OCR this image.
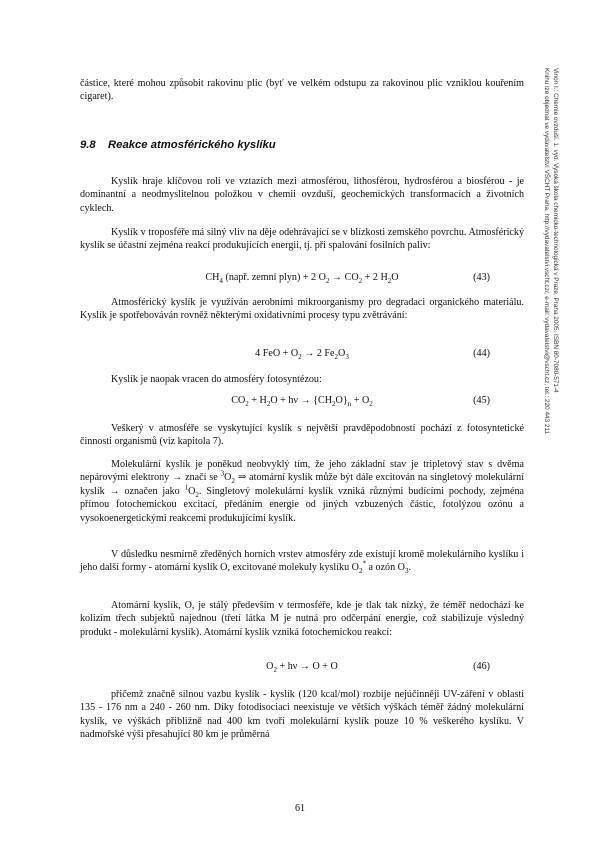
částice, které mohou způsobit rakovinu plic (byť ve velkém odstupu za rakovinou plic vzniklou kouřením cigaret).

9.8 Reakce atmosférického kyslíku

Kyslík hraje klíčovou roli ve vztazích mezi atmosférou, lithosférou, hydrosférou a biosférou - je dominantní a neodmyslitelnou položkou v chemii ovzduší, geochemických transformacích a životních cyklech.

Kyslík v troposféře má silný vliv na děje odehrávající se v blízkosti zemského povrchu. Atmosférický kyslík se účastní zejména reakcí produkujících energii, tj. při spalování fosilních paliv:

$CH_4$ (např. zemní plyn) + 2 $O_2 \to CO_2 + 2$ $H_2O$	(43)

Atmosférický kyslík je využíván aerobními mikroorganismy pro degradaci organického materiálu. Kyslík je spotřebováván rovněž některými oxidativními procesy typu zvětrávání:

4 FeO + $O_2 \to 2$ $Fe_2O_3$	(44)

Kyslík je naopak vracen do atmosféry fotosyntézou:

$CO_2 + H_2O + h\nu \to \{CH_2O\}_n + O_2$	(45)

Veškerý v atmosféře se vyskytující kyslík s největší pravděpodobností pochází z fotosyntetické činnosti organismů (viz kapitola 7).

Molekulární kyslík je poněkud neobvyklý tím, že jeho základní stav je tripletový stav s dvěma nepárovými elektrony → značí se $^3O_2$ ⇒ atomární kyslík může být dále excitován na singletový molekulární kyslík → označen jako $^1O_2$. Singletový molekulární kyslík vzniká různými budícími pochody, zejména přímou fotochemickou excitací, předáním energie od jiných vzbuzených částic, fotolýzou ozónu a vysokoenergetickými reakcemi produkujícími kyslík.

V důsledku nesmírně zředěných horních vrstev atmosféry zde existují kromě molekulárního kyslíku i jeho další formy - atomární kyslík O, excitované molekuly kyslíku $O_2^*$ a ozón $O_3$.

Atomární kyslík, O, je stálý především v termosféře, kde je tlak tak nízký, že téměř nedochází ke kolizím třech subjektů najednou (třetí látka M je nutná pro odčerpání energie, což stabilizuje výsledný produkt - molekulární kyslík). Atomární kyslík vzniká fotochemickou reakcí:

$O_2 + h\nu \to O + O$	(46)

přičemž značně silnou vazbu kyslík - kyslík (120 kcal/mol) rozbije nejúčinněji UV-záření v oblasti 135 - 176 nm a 240 - 260 nm. Díky fotodisociaci neexistuje ve větších výškách téměř žádný molekulární kyslík, ve výškách přibližně nad 400 km tvoří molekulární kyslík pouze 10 % veškerého kyslíku. V nadmořské výši přesahující 80 km je průměrná

Vinon I.: Chemie ovzduší. 1. vyd. Vysoká škola chemicko-technologická v Praze, Praha 2005. ISBN 80-7080-571-4
Knihu lze objednat ve vydavatelství VŠCHT Praha, http://vydavatelstvi.vscht.cz/, e-mail: vydavatelstvi@vscht.cz, tel.: 220 443 211
61
